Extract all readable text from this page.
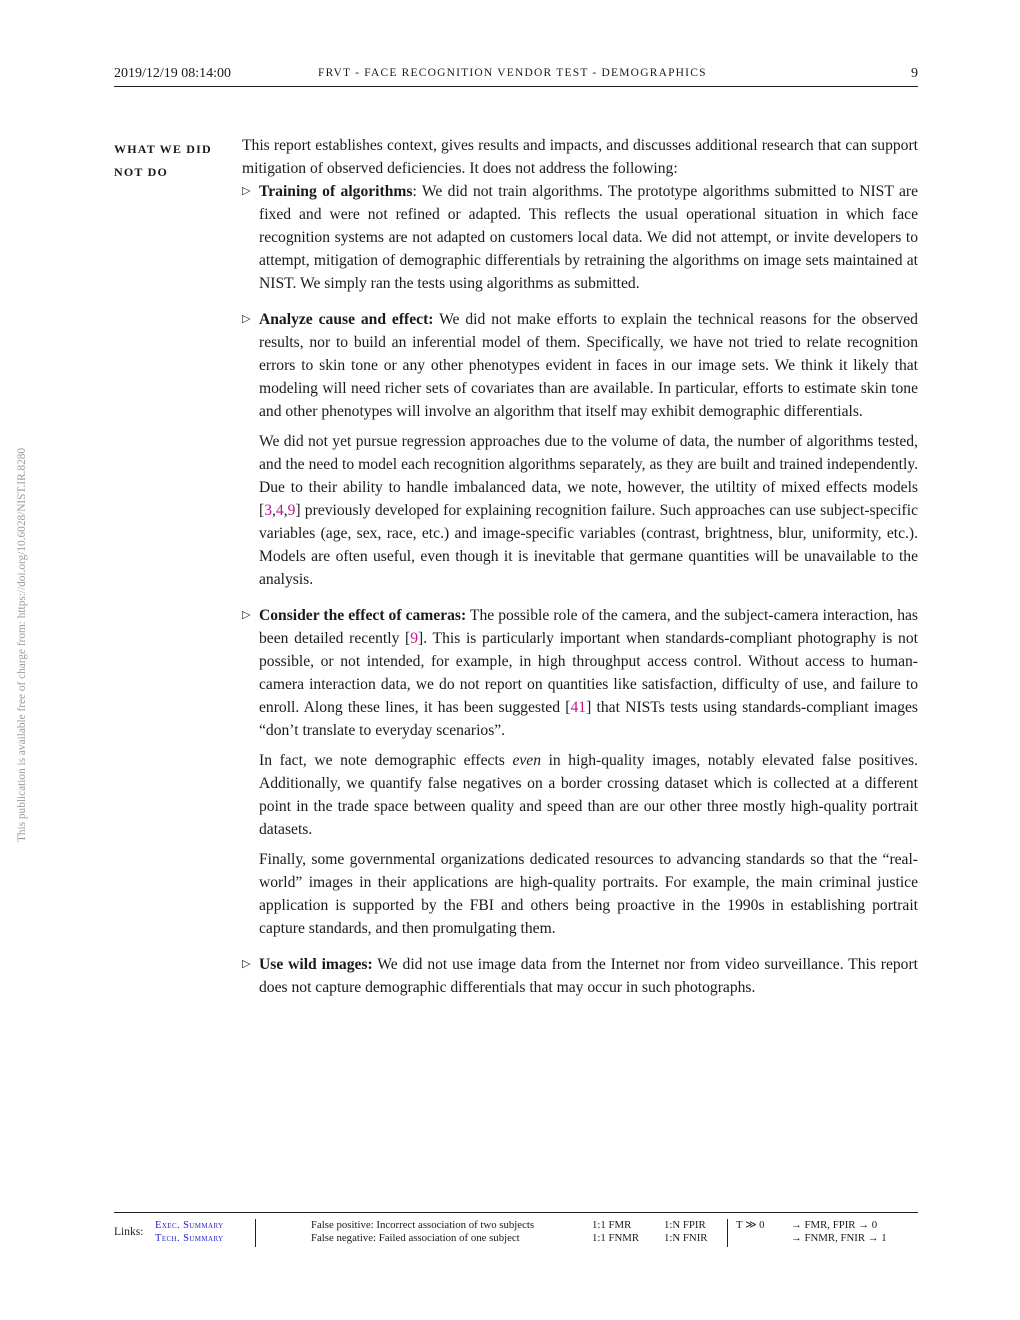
2019/12/19 08:14:00	FRVT - FACE RECOGNITION VENDOR TEST - DEMOGRAPHICS	9
This publication is available free of charge from: https://doi.org/10.6028/NIST.IR.8280
WHAT WE DID NOT DO

This report establishes context, gives results and impacts, and discusses additional research that can support mitigation of observed deficiencies. It does not address the following:

▷ Training of algorithms: We did not train algorithms. The prototype algorithms submitted to NIST are fixed and were not refined or adapted. This reflects the usual operational situation in which face recognition systems are not adapted on customers local data. We did not attempt, or invite developers to attempt, mitigation of demographic differentials by retraining the algorithms on image sets maintained at NIST. We simply ran the tests using algorithms as submitted.

▷ Analyze cause and effect: We did not make efforts to explain the technical reasons for the observed results, nor to build an inferential model of them. Specifically, we have not tried to relate recognition errors to skin tone or any other phenotypes evident in faces in our image sets. We think it likely that modeling will need richer sets of covariates than are available. In particular, efforts to estimate skin tone and other phenotypes will involve an algorithm that itself may exhibit demographic differentials.

We did not yet pursue regression approaches due to the volume of data, the number of algorithms tested, and the need to model each recognition algorithms separately, as they are built and trained independently. Due to their ability to handle imbalanced data, we note, however, the utiltity of mixed effects models [3,4,9] previously developed for explaining recognition failure. Such approaches can use subject-specific variables (age, sex, race, etc.) and image-specific variables (contrast, brightness, blur, uniformity, etc.). Models are often useful, even though it is inevitable that germane quantities will be unavailable to the analysis.

▷ Consider the effect of cameras: The possible role of the camera, and the subject-camera interaction, has been detailed recently [9]. This is particularly important when standards-compliant photography is not possible, or not intended, for example, in high throughput access control. Without access to human-camera interaction data, we do not report on quantities like satisfaction, difficulty of use, and failure to enroll. Along these lines, it has been suggested [41] that NISTs tests using standards-compliant images “don’t translate to everyday scenarios”.

In fact, we note demographic effects even in high-quality images, notably elevated false positives. Additionally, we quantify false negatives on a border crossing dataset which is collected at a different point in the trade space between quality and speed than are our other three mostly high-quality portrait datasets.

Finally, some governmental organizations dedicated resources to advancing standards so that the “real-world” images in their applications are high-quality portraits. For example, the main criminal justice application is supported by the FBI and others being proactive in the 1990s in establishing portrait capture standards, and then promulgating them.

▷ Use wild images: We did not use image data from the Internet nor from video surveillance. This report does not capture demographic differentials that may occur in such photographs.

Links:
Exec. Summary
Tech. Summary
False positive: Incorrect association of two subjects
False negative: Failed association of one subject
1:1 FMR
1:1 FNMR
1:N FPIR
1:N FNIR
T ≫ 0 → FMR, FPIR → 0
→ FNMR, FNIR → 1
